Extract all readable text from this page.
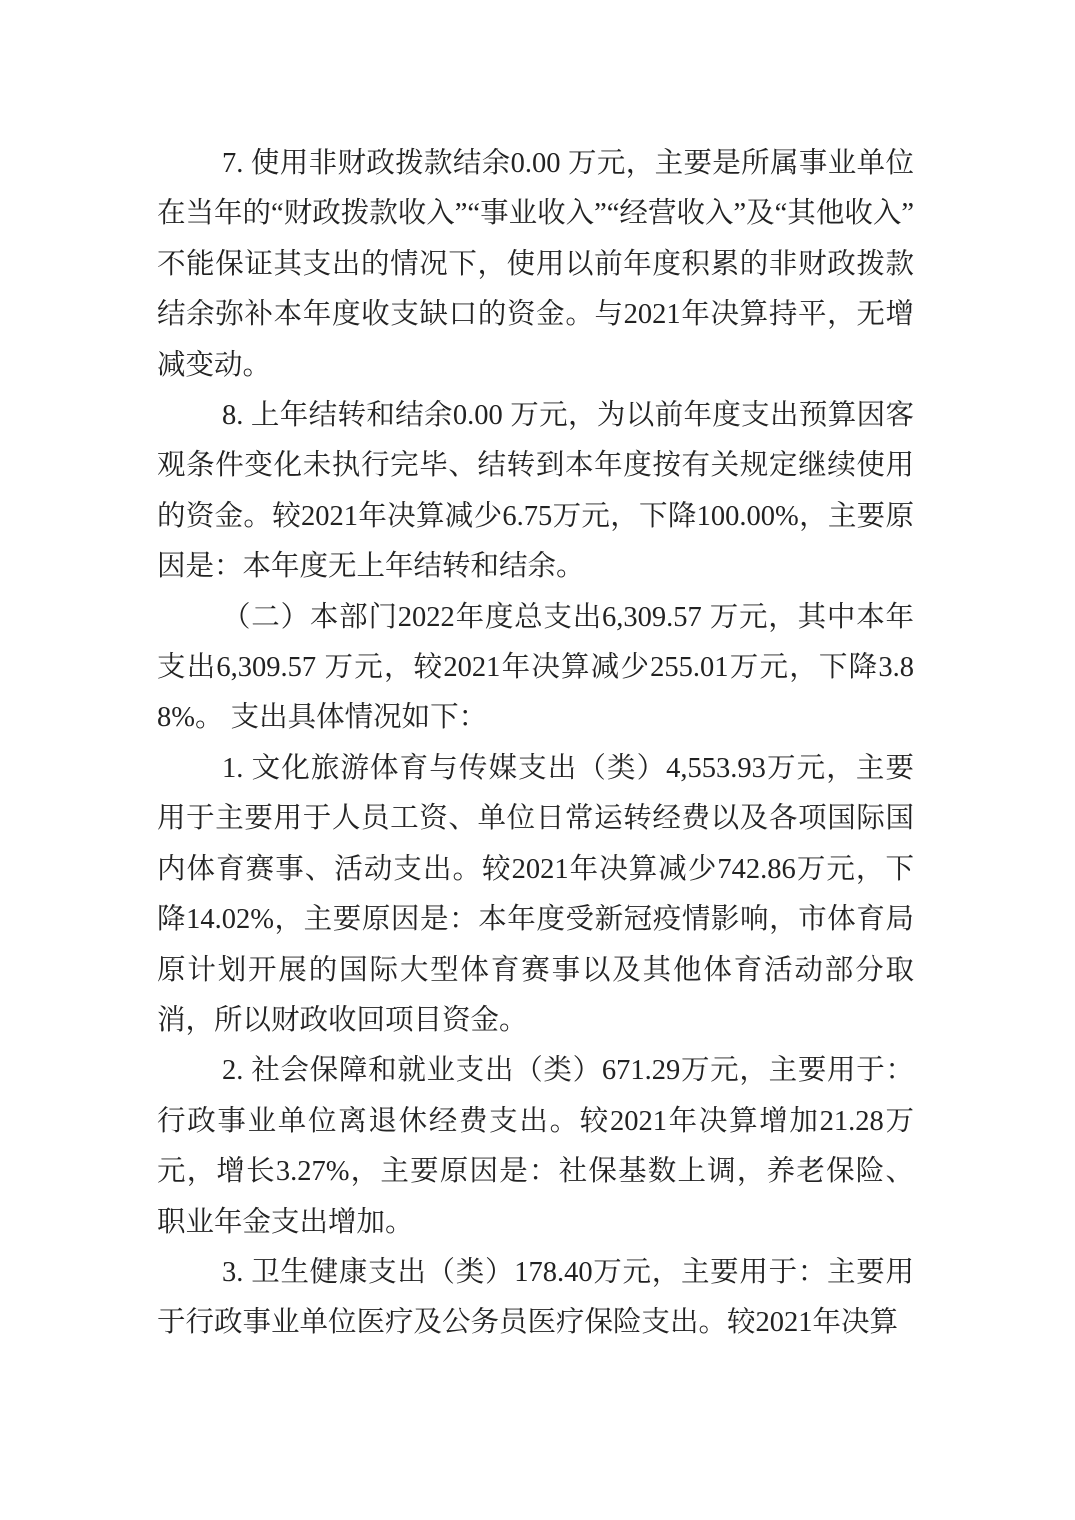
7. 使用非财政拨款结余0.00 万元，主要是所属事业单位在当年的“财政拨款收入”“事业收入”“经营收入”及“其他收入”不能保证其支出的情况下，使用以前年度积累的非财政拨款结余弥补本年度收支缺口的资金。与2021年决算持平，无增减变动。

8. 上年结转和结余0.00 万元，为以前年度支出预算因客观条件变化未执行完毕、结转到本年度按有关规定继续使用的资金。较2021年决算减少6.75万元，下降100.00%，主要原因是：本年度无上年结转和结余。

（二）本部门2022年度总支出6,309.57 万元，其中本年支出6,309.57 万元，较2021年决算减少255.01万元，下降3.88%。 支出具体情况如下：

1. 文化旅游体育与传媒支出（类）4,553.93万元，主要用于主要用于人员工资、单位日常运转经费以及各项国际国内体育赛事、活动支出。较2021年决算减少742.86万元，下降14.02%，主要原因是：本年度受新冠疫情影响，市体育局原计划开展的国际大型体育赛事以及其他体育活动部分取消，所以财政收回项目资金。

2. 社会保障和就业支出（类）671.29万元，主要用于：行政事业单位离退休经费支出。较2021年决算增加21.28万元，增长3.27%，主要原因是：社保基数上调，养老保险、职业年金支出增加。

3. 卫生健康支出（类）178.40万元，主要用于：主要用于行政事业单位医疗及公务员医疗保险支出。较2021年决算
